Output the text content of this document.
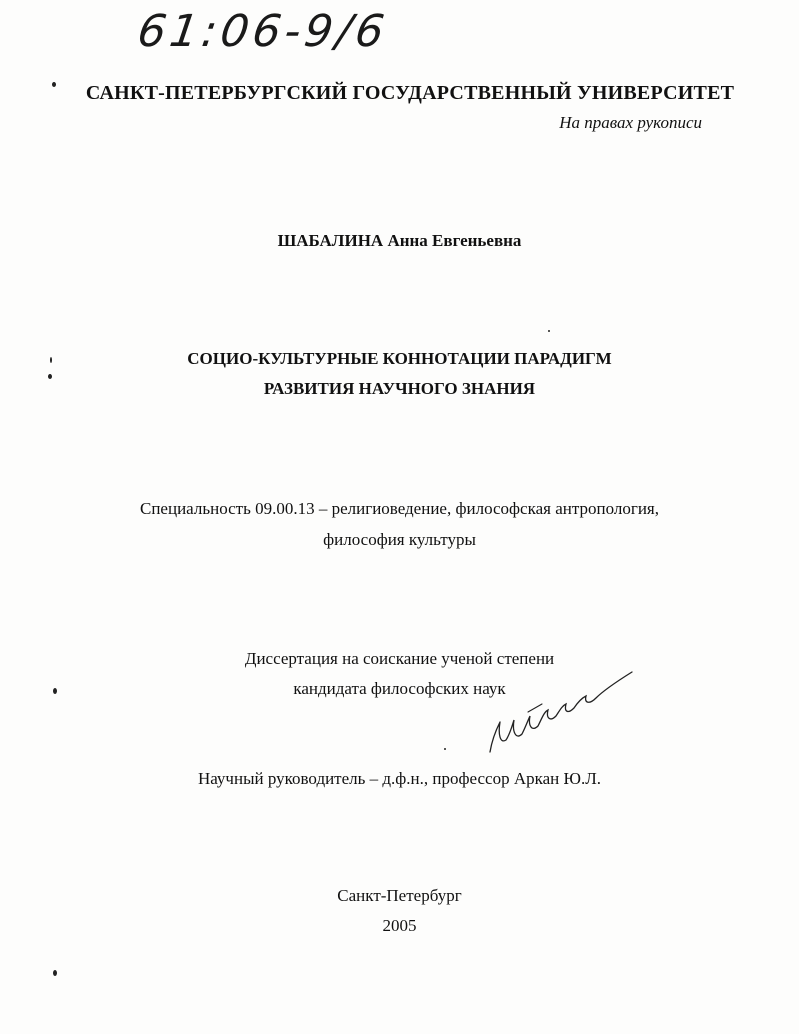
61:06-9/6
САНКТ-ПЕТЕРБУРГСКИЙ ГОСУДАРСТВЕННЫЙ УНИВЕРСИТЕТ
На правах рукописи
ШАБАЛИНА Анна Евгеньевна
СОЦИО-КУЛЬТУРНЫЕ КОННОТАЦИИ ПАРАДИГМ
РАЗВИТИЯ НАУЧНОГО ЗНАНИЯ
Специальность 09.00.13 – религиоведение, философская антропология,
философия культуры
Диссертация на соискание ученой степени
кандидата философских наук
Научный руководитель – д.ф.н., профессор Аркан Ю.Л.
Санкт-Петербург
2005
